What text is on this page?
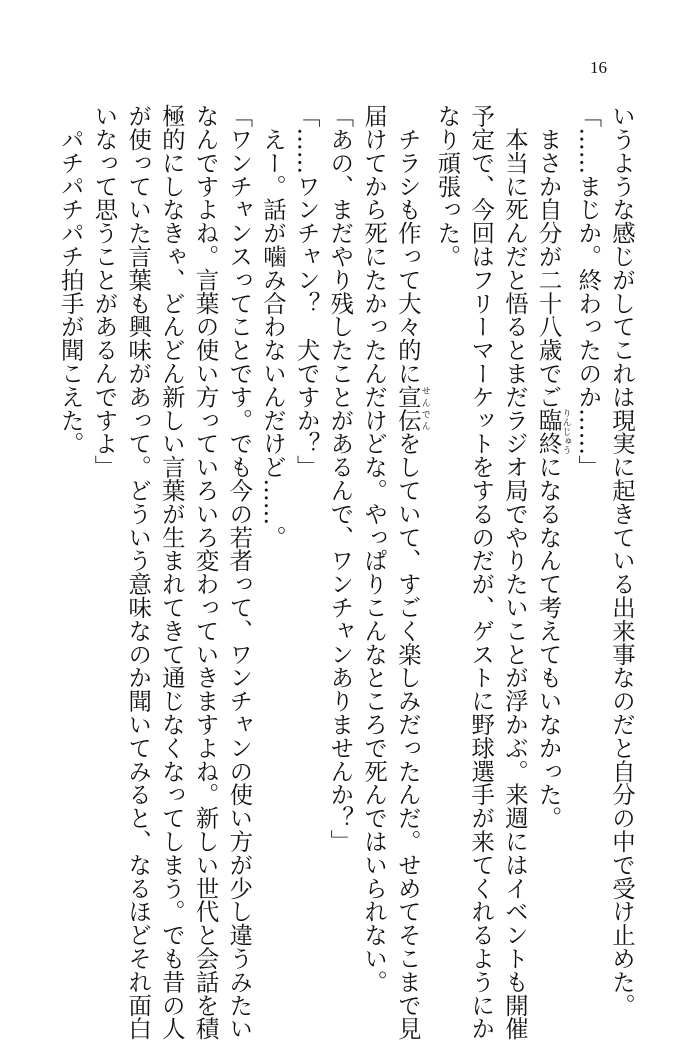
16
いうような感じがしてこれは現実に起きている出来事なのだと自分の中で受け止めた。
「……まじか。終わったのか……」
　まさか自分が二十八歳でご臨終りんじゅうになるなんて考えてもいなかった。
　本当に死んだと悟るとまだラジオ局でやりたいことが浮かぶ。来週にはイベントも開催
予定で、今回はフリーマーケットをするのだが、ゲストに野球選手が来てくれるようにか
なり頑張った。
　チラシも作って大々的に宣伝せんでんをしていて、すごく楽しみだったんだ。せめてそこまで見
届けてから死にたかったんだけどな。やっぱりこんなところで死んではいられない。
「あの、まだやり残したことがあるんで、ワンチャンありませんか？」
「……ワンチャン？　犬ですか？」
　えー。話が噛み合わないんだけど……。
「ワンチャンスってことです。でも今の若者って、ワンチャンの使い方が少し違うみたい
なんですよね。言葉の使い方っていろいろ変わっていきますよね。新しい世代と会話を積
極的にしなきゃ、どんどん新しい言葉が生まれてきて通じなくなってしまう。でも昔の人
が使っていた言葉も興味があって。どういう意味なのか聞いてみると、なるほどそれ面白
いなって思うことがあるんですよ」
　パチパチパチ拍手が聞こえた。
